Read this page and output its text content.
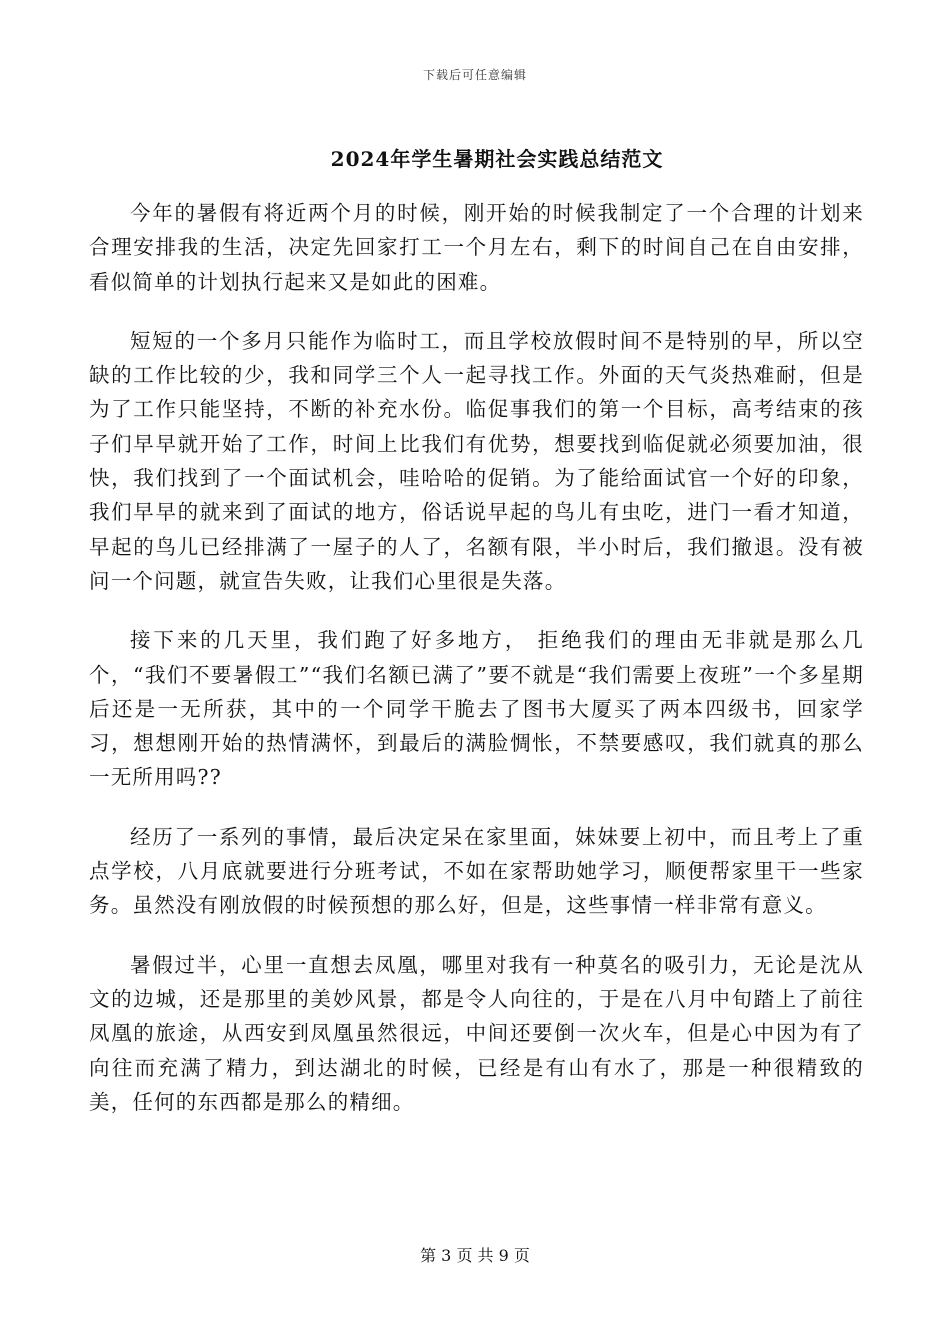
下载后可任意编辑
2024年学生暑期社会实践总结范文

今年的暑假有将近两个月的时候，刚开始的时候我制定了一个合理的计划来合理安排我的生活，决定先回家打工一个月左右，剩下的时间自己在自由安排，看似简单的计划执行起来又是如此的困难。

短短的一个多月只能作为临时工，而且学校放假时间不是特别的早，所以空缺的工作比较的少，我和同学三个人一起寻找工作。外面的天气炎热难耐，但是为了工作只能坚持，不断的补充水份。临促事我们的第一个目标，高考结束的孩子们早早就开始了工作，时间上比我们有优势，想要找到临促就必须要加油，很快，我们找到了一个面试机会，哇哈哈的促销。为了能给面试官一个好的印象，我们早早的就来到了面试的地方，俗话说早起的鸟儿有虫吃，进门一看才知道，早起的鸟儿已经排满了一屋子的人了，名额有限，半小时后，我们撤退。没有被问一个问题，就宣告失败，让我们心里很是失落。

接下来的几天里，我们跑了好多地方， 拒绝我们的理由无非就是那么几个，“我们不要暑假工”“我们名额已满了”要不就是“我们需要上夜班”一个多星期后还是一无所获，其中的一个同学干脆去了图书大厦买了两本四级书，回家学习，想想刚开始的热情满怀，到最后的满脸惆怅，不禁要感叹，我们就真的那么一无所用吗??

经历了一系列的事情，最后决定呆在家里面，妹妹要上初中，而且考上了重点学校，八月底就要进行分班考试，不如在家帮助她学习，顺便帮家里干一些家务。虽然没有刚放假的时候预想的那么好，但是，这些事情一样非常有意义。

暑假过半，心里一直想去凤凰，哪里对我有一种莫名的吸引力，无论是沈从文的边城，还是那里的美妙风景，都是令人向往的，于是在八月中旬踏上了前往凤凰的旅途，从西安到凤凰虽然很远，中间还要倒一次火车，但是心中因为有了向往而充满了精力，到达湖北的时候，已经是有山有水了，那是一种很精致的美，任何的东西都是那么的精细。

第 3 页 共 9 页
